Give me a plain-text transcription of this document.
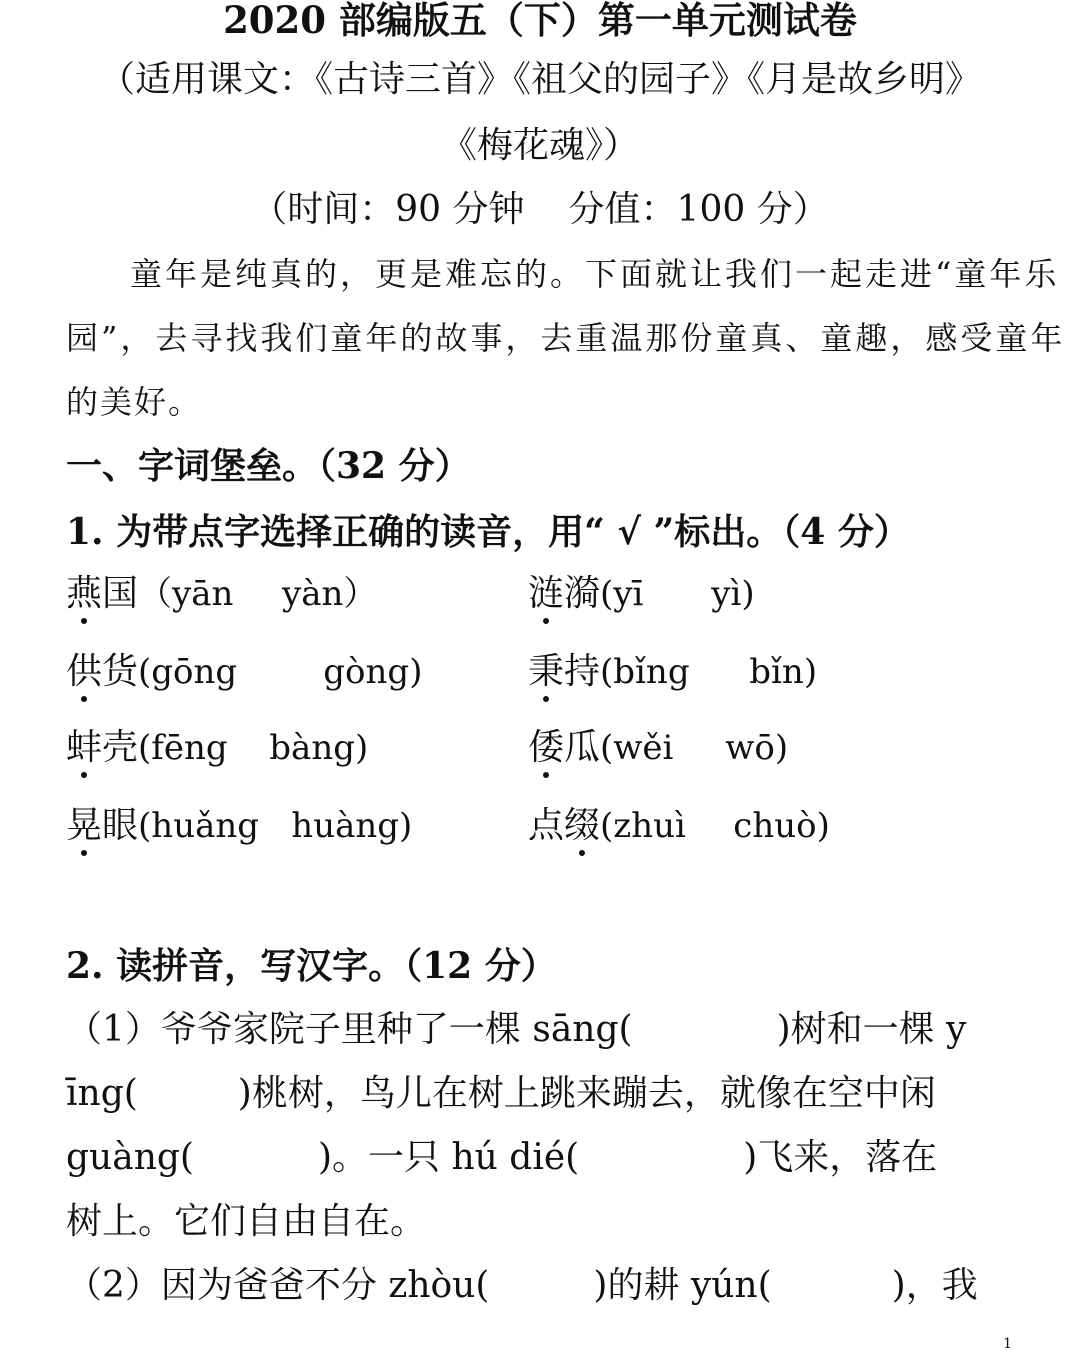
2020 部编版五（下）第一单元测试卷
（适用课文：《古诗三首》《祖父的园子》《月是故乡明》
《梅花魂》）
（时间：90 分钟 分值：100 分）
童年是纯真的，更是难忘的。下面就让我们一起走进“童年乐
园”，去寻找我们童年的故事，去重温那份童真、童趣，感受童年
的美好。
一、字词堡垒。（32 分）
1. 为带点字选择正确的读音，用“ √ ”标出。（4 分）
燕国（yān yàn）	涟漪(yī yì)
供货(gōng	gòng)	秉持(bǐng bǐn)
蚌壳(fēng bàng)	倭瓜(wěi wō)
晃眼(huǎng huàng)	点缀(zhuì chuò)
2. 读拼音，写汉字。（12 分）
（1）爷爷家院子里种了一棵 sāng(	)树和一棵 y
īng(	)桃树，鸟儿在树上跳来蹦去，就像在空中闲
guàng(	)。一只 hú dié(	)飞来，落在
树上。它们自由自在。
（2）因为爸爸不分 zhòu(	)的耕 yún(	)，我
1
